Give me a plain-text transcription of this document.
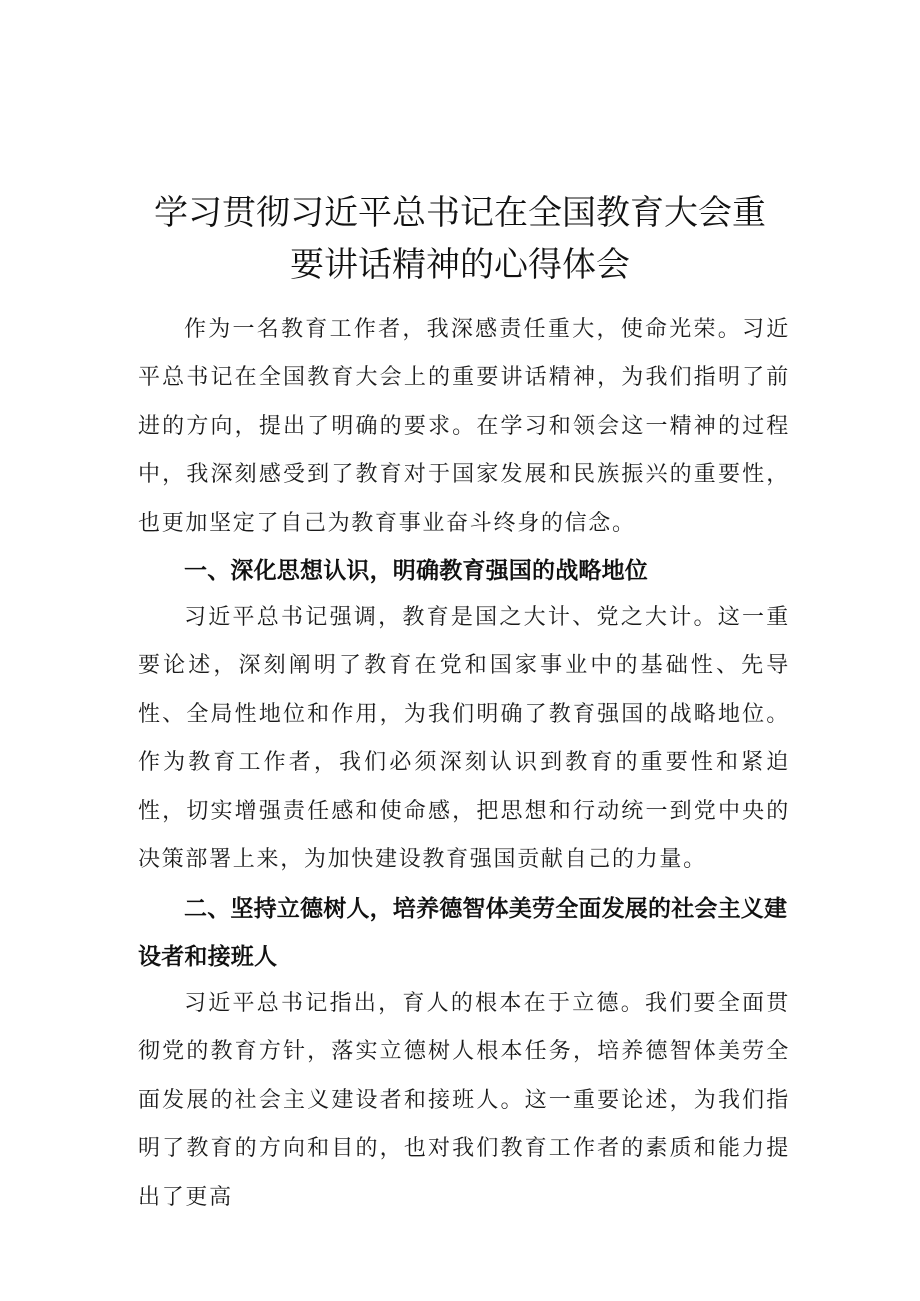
学习贯彻习近平总书记在全国教育大会重
要讲话精神的心得体会

作为一名教育工作者，我深感责任重大，使命光荣。习近平总书记在全国教育大会上的重要讲话精神，为我们指明了前进的方向，提出了明确的要求。在学习和领会这一精神的过程中，我深刻感受到了教育对于国家发展和民族振兴的重要性，也更加坚定了自己为教育事业奋斗终身的信念。

一、深化思想认识，明确教育强国的战略地位

习近平总书记强调，教育是国之大计、党之大计。这一重要论述，深刻阐明了教育在党和国家事业中的基础性、先导性、全局性地位和作用，为我们明确了教育强国的战略地位。作为教育工作者，我们必须深刻认识到教育的重要性和紧迫性，切实增强责任感和使命感，把思想和行动统一到党中央的决策部署上来，为加快建设教育强国贡献自己的力量。

二、坚持立德树人，培养德智体美劳全面发展的社会主义建设者和接班人

习近平总书记指出，育人的根本在于立德。我们要全面贯彻党的教育方针，落实立德树人根本任务，培养德智体美劳全面发展的社会主义建设者和接班人。这一重要论述，为我们指明了教育的方向和目的，也对我们教育工作者的素质和能力提出了更高
